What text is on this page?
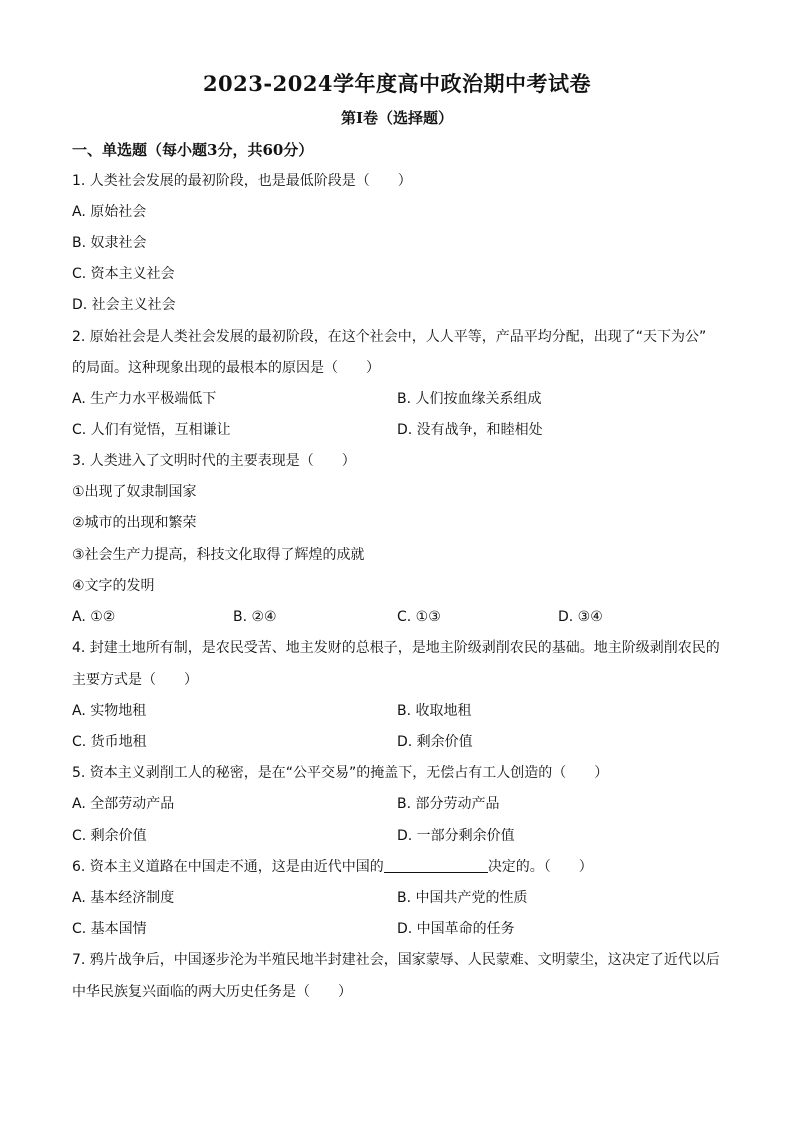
2023-2024学年度高中政治期中考试卷
第I卷（选择题）
一、单选题（每小题3分，共60分）
1. 人类社会发展的最初阶段，也是最低阶段是（　　）
A. 原始社会
B. 奴隶社会
C. 资本主义社会
D. 社会主义社会
2. 原始社会是人类社会发展的最初阶段，在这个社会中，人人平等，产品平均分配，出现了“天下为公”
的局面。这种现象出现的最根本的原因是（　　）
A. 生产力水平极端低下	B. 人们按血缘关系组成
C. 人们有觉悟，互相谦让	D. 没有战争，和睦相处
3. 人类进入了文明时代的主要表现是（　　）
①出现了奴隶制国家
②城市的出现和繁荣
③社会生产力提高，科技文化取得了辉煌的成就
④文字的发明
A. ①②	B. ②④	C. ①③	D. ③④
4. 封建土地所有制，是农民受苦、地主发财的总根子，是地主阶级剥削农民的基础。地主阶级剥削农民的
主要方式是（　　）
A. 实物地租	B. 收取地租
C. 货币地租	D. 剩余价值
5. 资本主义剥削工人的秘密，是在“公平交易”的掩盖下，无偿占有工人创造的（　　）
A. 全部劳动产品	B. 部分劳动产品
C. 剩余价值	D. 一部分剩余价值
6. 资本主义道路在中国走不通，这是由近代中国的	决定的。（　　）
A. 基本经济制度	B. 中国共产党的性质
C. 基本国情	D. 中国革命的任务
7. 鸦片战争后，中国逐步沦为半殖民地半封建社会，国家蒙辱、人民蒙难、文明蒙尘，这决定了近代以后
中华民族复兴面临的两大历史任务是（　　）
